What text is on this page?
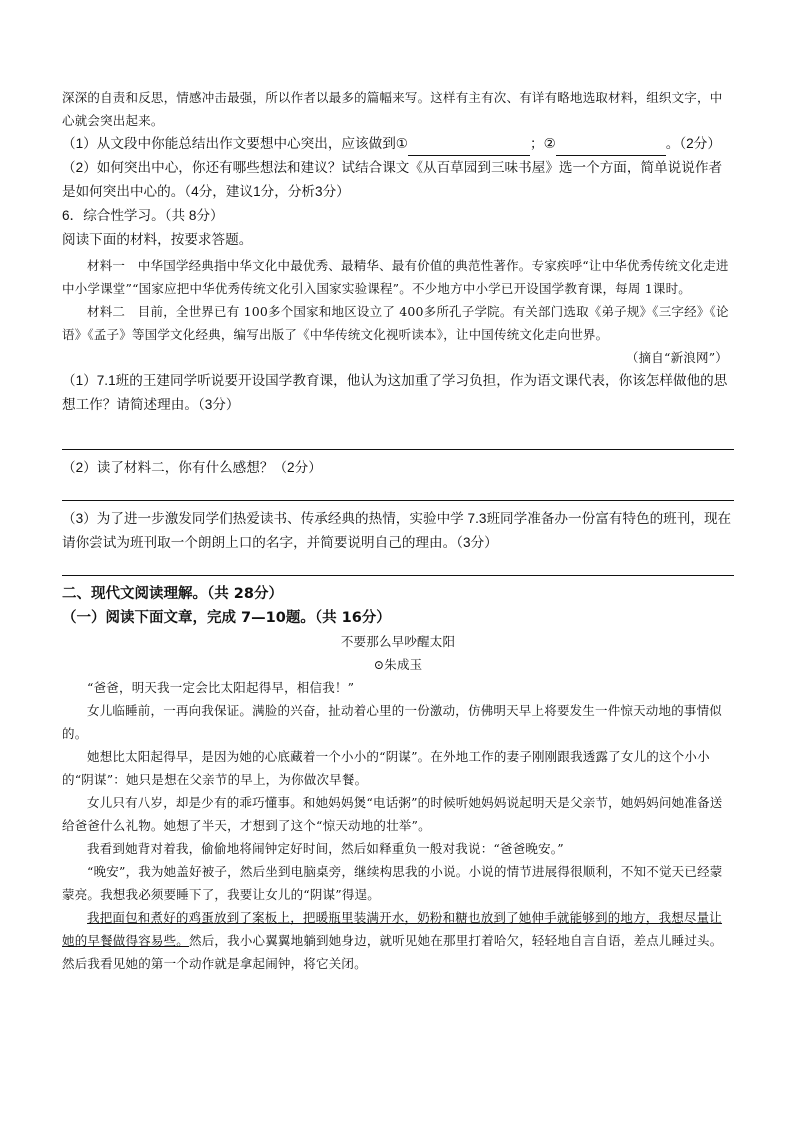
深深的自责和反思，情感冲击最强，所以作者以最多的篇幅来写。这样有主有次、有详有略地选取材料，组织文字，中心就会突出起来。

（1）从文段中你能总结出作文要想中心突出，应该做到①	；②	。（2分）

（2）如何突出中心，你还有哪些想法和建议？试结合课文《从百草园到三味书屋》选一个方面，简单说说作者是如何突出中心的。（4分，建议1分，分析3分）

6．综合性学习。（共 8分）

阅读下面的材料，按要求答题。

材料一　中华国学经典指中华文化中最优秀、最精华、最有价值的典范性著作。专家疾呼“让中华优秀传统文化走进中小学课堂”“国家应把中华优秀传统文化引入国家实验课程”。不少地方中小学已开设国学教育课，每周 1课时。

材料二　目前，全世界已有 100多个国家和地区设立了 400多所孔子学院。有关部门选取《弟子规》《三字经》《论语》《孟子》等国学文化经典，编写出版了《中华传统文化视听读本》，让中国传统文化走向世界。

（摘自“新浪网”）

（1）7.1班的王建同学听说要开设国学教育课，他认为这加重了学习负担，作为语文课代表，你该怎样做他的思想工作？请简述理由。（3分）

（2）读了材料二，你有什么感想？（2分）

（3）为了进一步激发同学们热爱读书、传承经典的热情，实验中学 7.3班同学准备办一份富有特色的班刊，现在请你尝试为班刊取一个朗朗上口的名字，并简要说明自己的理由。（3分）

二、现代文阅读理解。（共 28分）

（一）阅读下面文章，完成 7—10题。（共 16分）

不要那么早吵醒太阳

⊙朱成玉

“爸爸，明天我一定会比太阳起得早，相信我！”

女儿临睡前，一再向我保证。满脸的兴奋，扯动着心里的一份激动，仿佛明天早上将要发生一件惊天动地的事情似的。

她想比太阳起得早，是因为她的心底藏着一个小小的“阴谋”。在外地工作的妻子刚刚跟我透露了女儿的这个小小的“阴谋”：她只是想在父亲节的早上，为你做次早餐。

女儿只有八岁，却是少有的乖巧懂事。和她妈妈煲“电话粥”的时候听她妈妈说起明天是父亲节，她妈妈问她准备送给爸爸什么礼物。她想了半天，才想到了这个“惊天动地的壮举”。

我看到她背对着我，偷偷地将闹钟定好时间，然后如释重负一般对我说：“爸爸晚安。”

“晚安”，我为她盖好被子，然后坐到电脑桌旁，继续构思我的小说。小说的情节进展得很顺利，不知不觉天已经蒙蒙亮。我想我必须要睡下了，我要让女儿的“阴谋”得逞。

我把面包和煮好的鸡蛋放到了案板上，把暖瓶里装满开水，奶粉和糖也放到了她伸手就能够到的地方，我想尽量让她的早餐做得容易些。然后，我小心翼翼地躺到她身边，就听见她在那里打着哈欠，轻轻地自言自语，差点儿睡过头。然后我看见她的第一个动作就是拿起闹钟，将它关闭。
